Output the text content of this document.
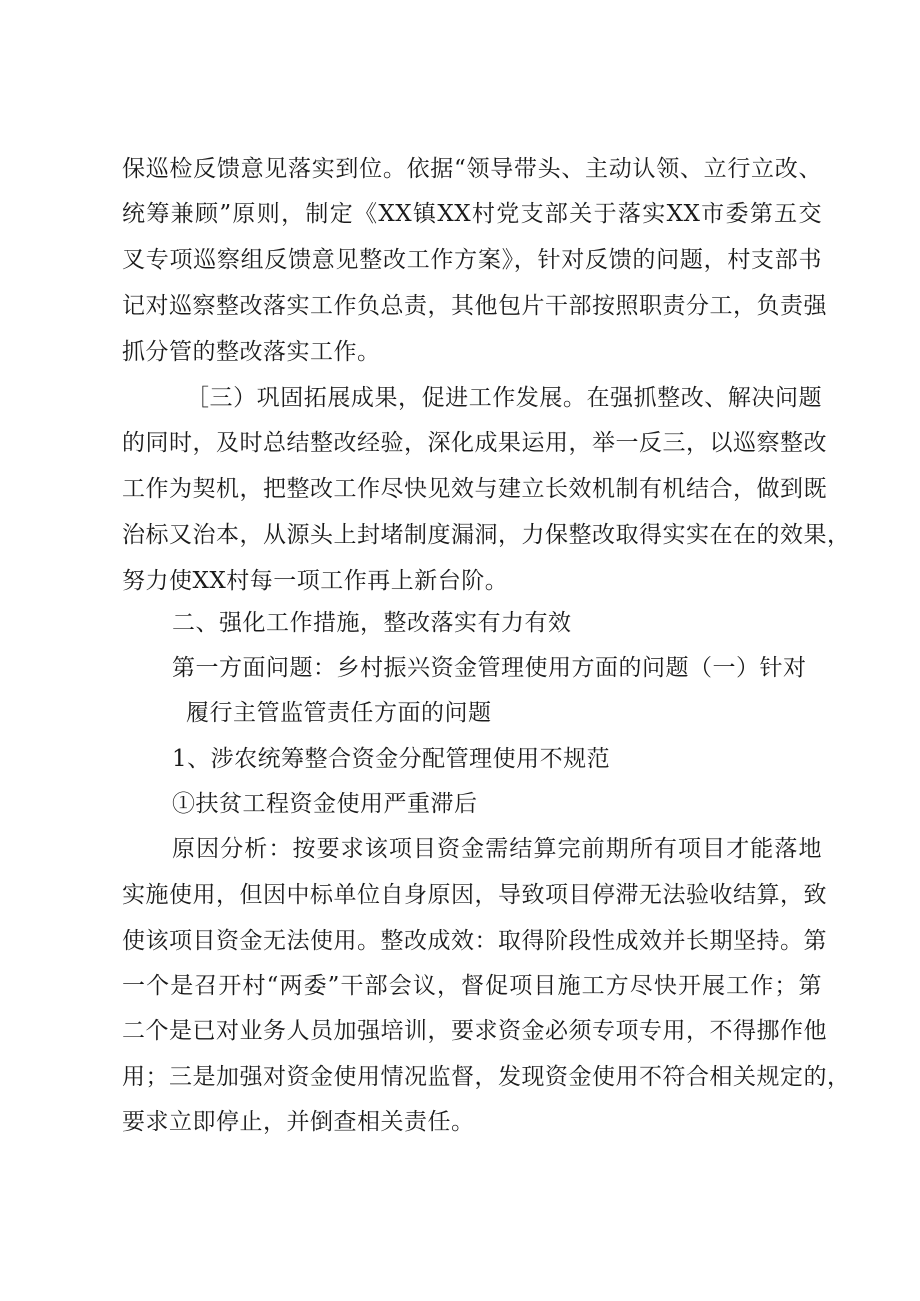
保巡检反馈意见落实到位。依据“领导带头、主动认领、立行立改、
统筹兼顾”原则，制定《XX镇XX村党支部关于落实XX市委第五交
叉专项巡察组反馈意见整改工作方案》，针对反馈的问题，村支部书
记对巡察整改落实工作负总责，其他包片干部按照职责分工，负责强
抓分管的整改落实工作。
［三）巩固拓展成果，促进工作发展。在强抓整改、解决问题
的同时，及时总结整改经验，深化成果运用，举一反三，以巡察整改
工作为契机，把整改工作尽快见效与建立长效机制有机结合，做到既
治标又治本，从源头上封堵制度漏洞，力保整改取得实实在在的效果，
努力使XX村每一项工作再上新台阶。
二、强化工作措施，整改落实有力有效
第一方面问题：乡村振兴资金管理使用方面的问题（一）针对
履行主管监管责任方面的问题
1、涉农统筹整合资金分配管理使用不规范
①扶贫工程资金使用严重滞后
原因分析：按要求该项目资金需结算完前期所有项目才能落地
实施使用，但因中标单位自身原因，导致项目停滞无法验收结算，致
使该项目资金无法使用。整改成效：取得阶段性成效并长期坚持。第
一个是召开村“两委”干部会议，督促项目施工方尽快开展工作；第
二个是已对业务人员加强培训，要求资金必须专项专用，不得挪作他
用；三是加强对资金使用情况监督，发现资金使用不符合相关规定的，
要求立即停止，并倒查相关责任。
